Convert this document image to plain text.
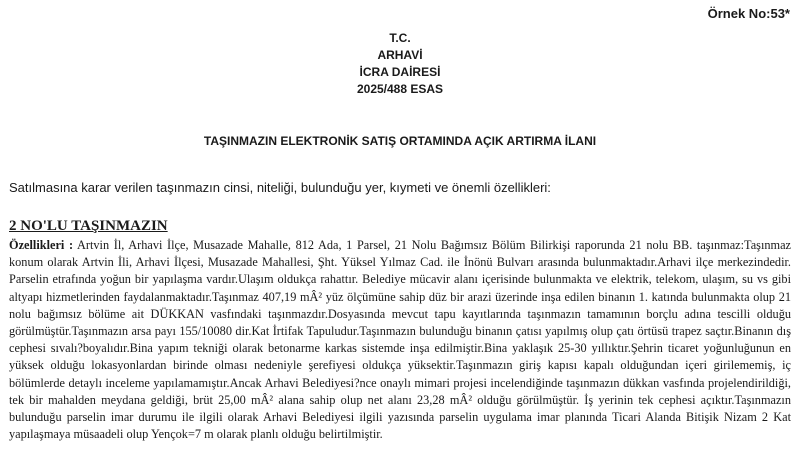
Örnek No:53*
T.C.
ARHAVİ
İCRA DAİRESİ
2025/488 ESAS
TAŞINMAZIN ELEKTRONİK SATIŞ ORTAMINDA AÇIK ARTIRMA İLANI
Satılmasına karar verilen taşınmazın cinsi, niteliği, bulunduğu yer, kıymeti ve önemli özellikleri:
2 NO'LU TAŞINMAZIN
Özellikleri : Artvin İl, Arhavi İlçe, Musazade Mahalle, 812 Ada, 1 Parsel, 21 Nolu Bağımsız Bölüm Bilirkişi raporunda 21 nolu BB. taşınmaz:Taşınmaz konum olarak Artvin İli, Arhavi İlçesi, Musazade Mahallesi, Şht. Yüksel Yılmaz Cad. ile İnönü Bulvarı arasında bulunmaktadır.Arhavi ilçe merkezindedir. Parselin etrafında yoğun bir yapılaşma vardır.Ulaşım oldukça rahattır. Belediye mücavir alanı içerisinde bulunmakta ve elektrik, telekom, ulaşım, su vs gibi altyapı hizmetlerinden faydalanmaktadır.Taşınmaz 407,19 mÂ² yüz ölçümüne sahip düz bir arazi üzerinde inşa edilen binanın 1. katında bulunmakta olup 21 nolu bağımsız bölüme ait DÜKKAN vasfındaki taşınmazdır.Dosyasında mevcut tapu kayıtlarında taşınmazın tamamının borçlu adına tescilli olduğu görülmüştür.Taşınmazın arsa payı 155/10080 dir.Kat İrtifak Tapuludur.Taşınmazın bulunduğu binanın çatısı yapılmış olup çatı örtüsü trapez saçtır.Binanın dış cephesi sıvalı?boyalıdır.Bina yapım tekniği olarak betonarme karkas sistemde inşa edilmiştir.Bina yaklaşık 25-30 yıllıktır.Şehrin ticaret yoğunluğunun en yüksek olduğu lokasyonlardan birinde olması nedeniyle şerefiyesi oldukça yüksektir.Taşınmazın giriş kapısı kapalı olduğundan içeri girilememiş, iç bölümlerde detaylı inceleme yapılamamıştır.Ancak Arhavi Belediyesi?nce onaylı mimari projesi incelendiğinde taşınmazın dükkan vasfında projelendirildiği, tek bir mahalden meydana geldiği, brüt 25,00 mÂ² alana sahip olup net alanı 23,28 mÂ² olduğu görülmüştür. İş yerinin tek cephesi açıktır.Taşınmazın bulunduğu parselin imar durumu ile ilgili olarak Arhavi Belediyesi ilgili yazısında parselin uygulama imar planında Ticari Alanda Bitişik Nizam 2 Kat yapılaşmaya müsaadeli olup Yençok=7 m olarak planlı olduğu belirtilmiştir.
